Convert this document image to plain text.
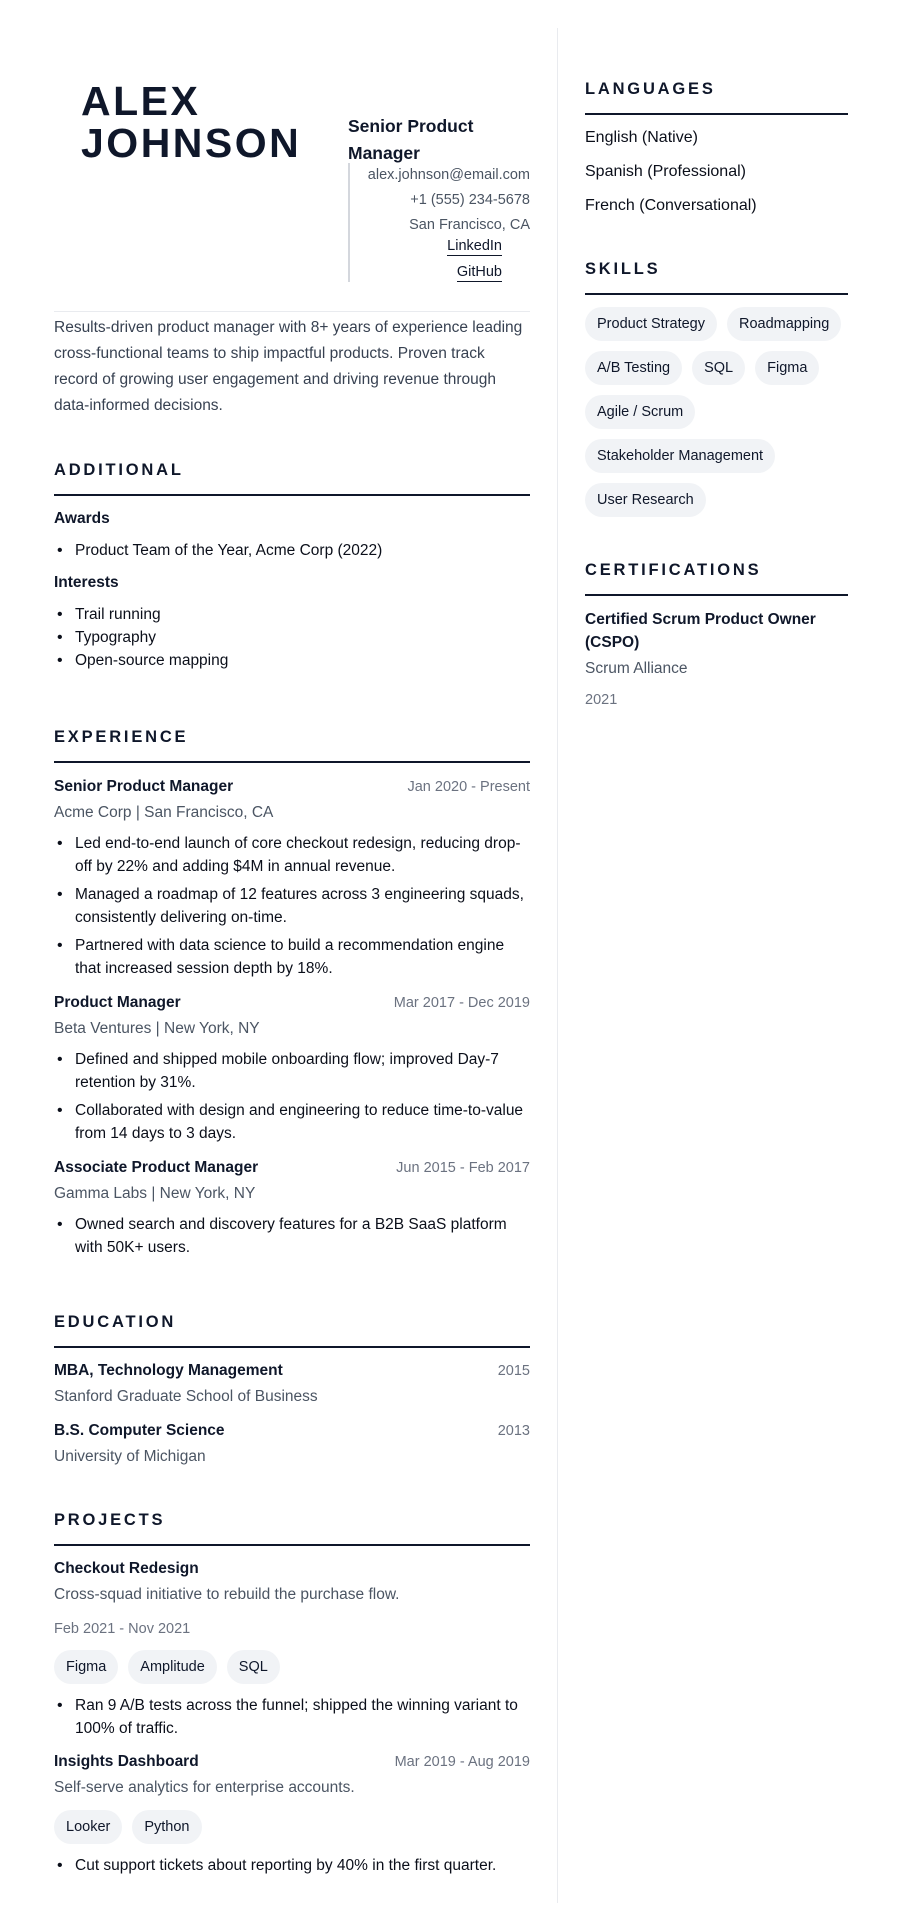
ALEX
JOHNSON	Senior Product Manager
alex.johnson@email.com
+1 (555) 234-5678
San Francisco, CA
LinkedIn
GitHub
Results-driven product manager with 8+ years of experience leading cross-functional teams to ship impactful products. Proven track record of growing user engagement and driving revenue through data-informed decisions.
ADDITIONAL
Awards
• Product Team of the Year, Acme Corp (2022)
Interests
• Trail running
• Typography
• Open-source mapping
EXPERIENCE
Senior Product Manager	Jan 2020 - Present
Acme Corp | San Francisco, CA
• Led end-to-end launch of core checkout redesign, reducing drop-off by 22% and adding $4M in annual revenue.
• Managed a roadmap of 12 features across 3 engineering squads, consistently delivering on-time.
• Partnered with data science to build a recommendation engine that increased session depth by 18%.
Product Manager	Mar 2017 - Dec 2019
Beta Ventures | New York, NY
• Defined and shipped mobile onboarding flow; improved Day-7 retention by 31%.
• Collaborated with design and engineering to reduce time-to-value from 14 days to 3 days.
Associate Product Manager	Jun 2015 - Feb 2017
Gamma Labs | New York, NY
• Owned search and discovery features for a B2B SaaS platform with 50K+ users.
EDUCATION
MBA, Technology Management	2015
Stanford Graduate School of Business
B.S. Computer Science	2013
University of Michigan
PROJECTS
Checkout Redesign
Cross-squad initiative to rebuild the purchase flow.
Feb 2021 - Nov 2021
Figma	Amplitude	SQL
• Ran 9 A/B tests across the funnel; shipped the winning variant to 100% of traffic.
Insights Dashboard	Mar 2019 - Aug 2019
Self-serve analytics for enterprise accounts.
Looker	Python
• Cut support tickets about reporting by 40% in the first quarter.
LANGUAGES
English (Native)
Spanish (Professional)
French (Conversational)
SKILLS
Product Strategy	Roadmapping
A/B Testing	SQL	Figma
Agile / Scrum
Stakeholder Management
User Research
CERTIFICATIONS
Certified Scrum Product Owner (CSPO)
Scrum Alliance
2021
